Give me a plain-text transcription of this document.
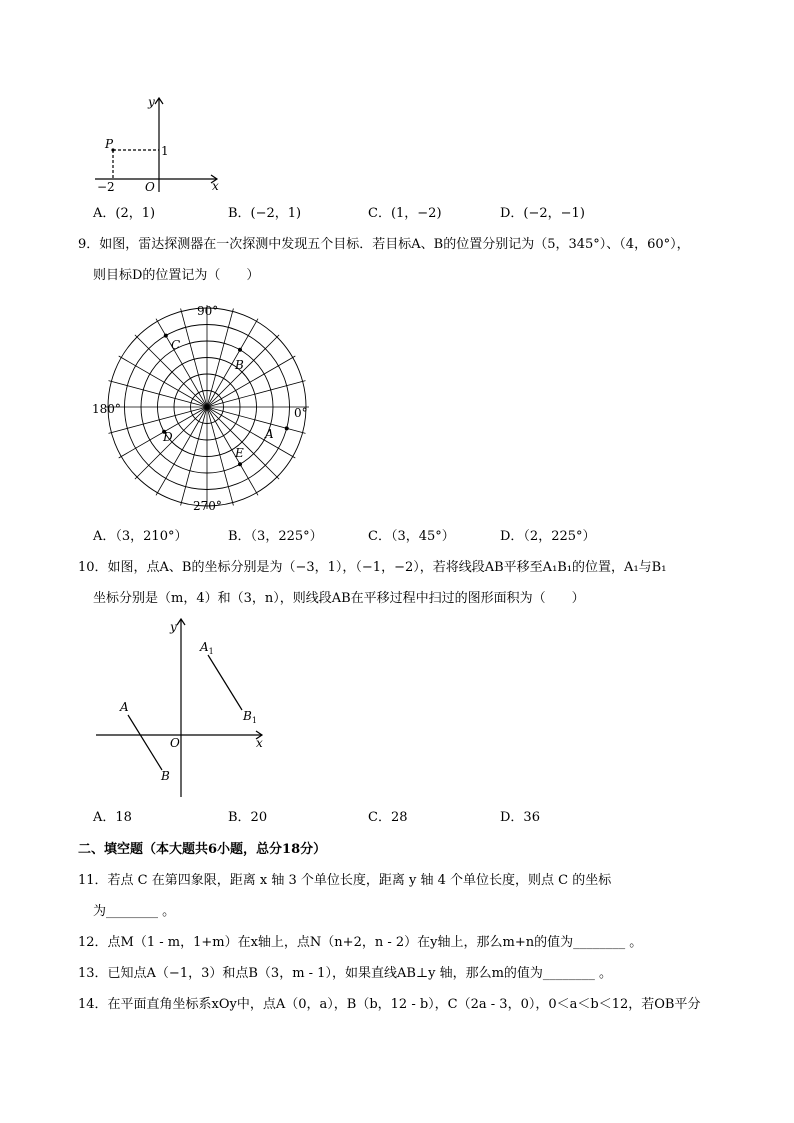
y
x
O
P	1
−2
A．(2，1)	B．(−2，1)	C．(1，−2)	D．(−2，−1)
9．如图，雷达探测器在一次探测中发现五个目标．若目标A、B的位置分别记为（5，345°）、（4，60°），
则目标D的位置记为（　　）
90°
180°	0°
270°
C
B
A
D
E
A．（3，210°）	B．（3，225°）	C．（3，45°）	D．（2，225°）
10．如图，点A、B的坐标分别是为（−3，1），（−1，−2），若将线段AB平移至A₁B₁的位置，A₁与B₁
坐标分别是（m，4）和（3，n），则线段AB在平移过程中扫过的图形面积为（　　）
y
x
O
A
B
$A_1$
$B_1$
A．18	B．20	C．28	D．36
二、填空题（本大题共6小题，总分18分）
11．若点 C 在第四象限，距离 x 轴 3 个单位长度，距离 y 轴 4 个单位长度，则点 C 的坐标
为________ 。
12．点M（1 - m，1+m）在x轴上，点N（n+2，n - 2）在y轴上，那么m+n的值为________ 。
13．已知点A（−1，3）和点B（3，m - 1），如果直线AB⊥y 轴，那么m的值为________ 。
14．在平面直角坐标系xOy中，点A（0，a），B（b，12 - b），C（2a - 3，0），0＜a＜b＜12，若OB平分
